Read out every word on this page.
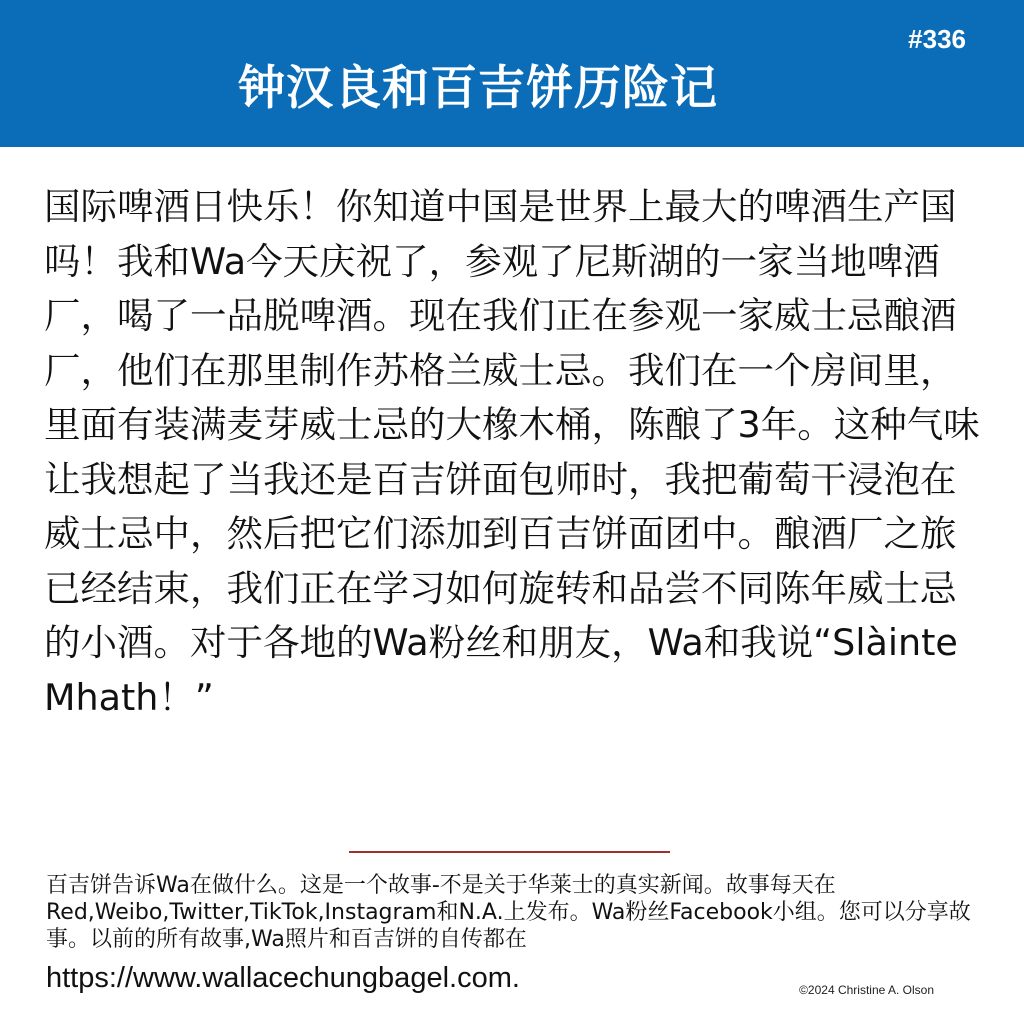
#336
钟汉良和百吉饼历险记

国际啤酒日快乐！你知道中国是世界上最大的啤酒生产国吗！我和Wa今天庆祝了，参观了尼斯湖的一家当地啤酒厂，喝了一品脱啤酒。现在我们正在参观一家威士忌酿酒厂，他们在那里制作苏格兰威士忌。我们在一个房间里，里面有装满麦芽威士忌的大橡木桶，陈酿了3年。这种气味让我想起了当我还是百吉饼面包师时，我把葡萄干浸泡在威士忌中，然后把它们添加到百吉饼面团中。酿酒厂之旅已经结束，我们正在学习如何旋转和品尝不同陈年威士忌的小酒。对于各地的Wa粉丝和朋友，Wa和我说“Slàinte Mhath！”

百吉饼告诉Wa在做什么。这是一个故事-不是关于华莱士的真实新闻。故事每天在Red,Weibo,Twitter,TikTok,Instagram和N.A.上发布。Wa粉丝Facebook小组。您可以分享故事。以前的所有故事,Wa照片和百吉饼的自传都在
https://www.wallacechungbagel.com.	©2024 Christine A. Olson
